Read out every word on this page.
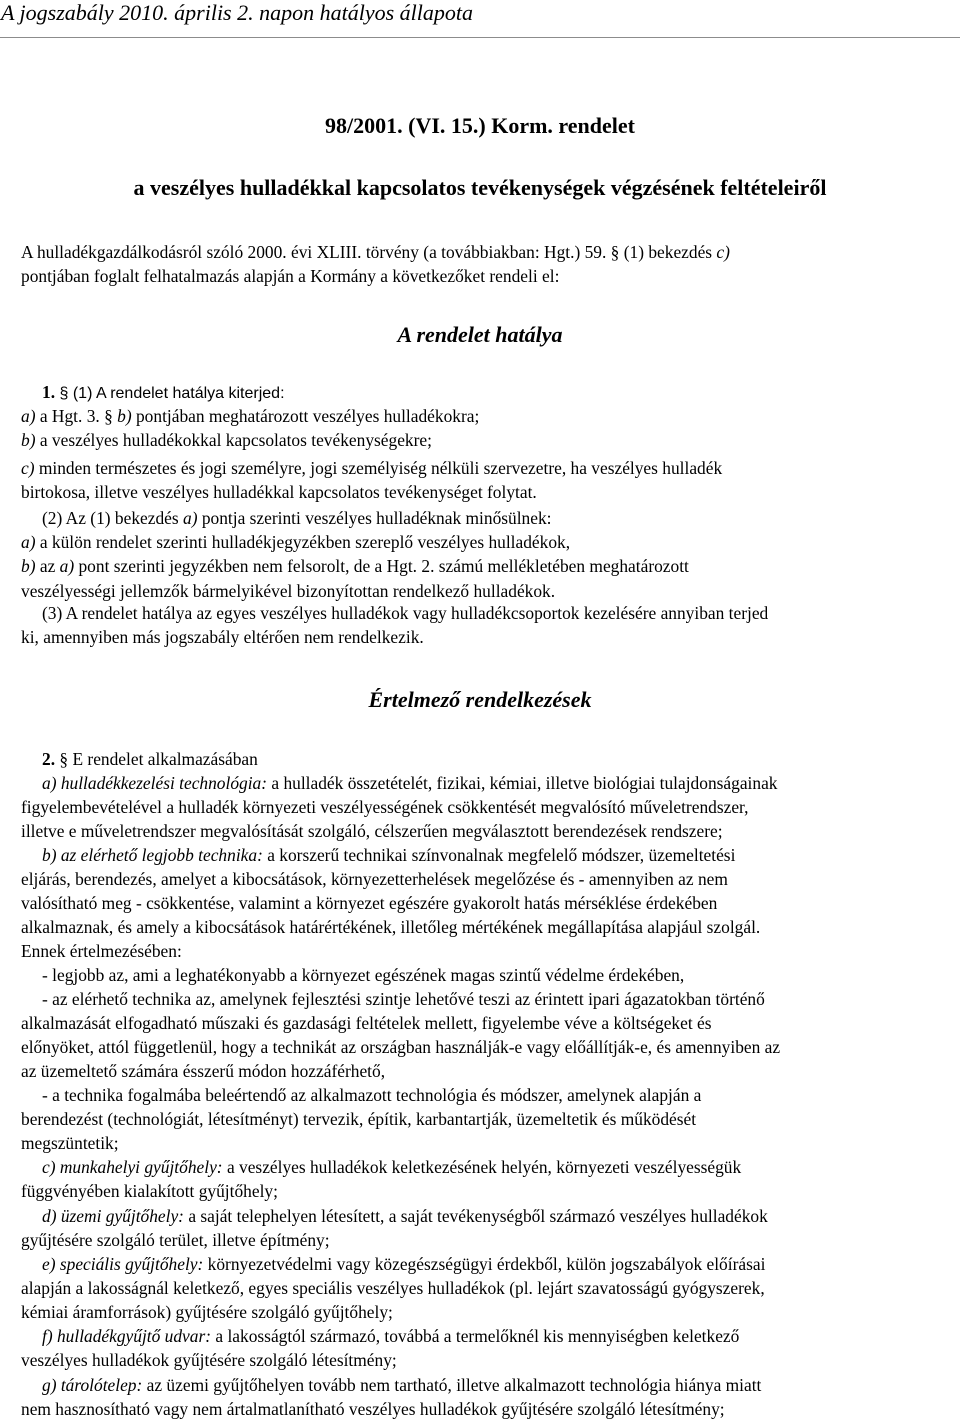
A jogszabály 2010. április 2. napon hatályos állapota
98/2001. (VI. 15.) Korm. rendelet
a veszélyes hulladékkal kapcsolatos tevékenységek végzésének feltételeiről
A hulladékgazdálkodásról szóló 2000. évi XLIII. törvény (a továbbiakban: Hgt.) 59. § (1) bekezdés c)
pontjában foglalt felhatalmazás alapján a Kormány a következőket rendeli el:
A rendelet hatálya
1. § (1) A rendelet hatálya kiterjed:
a) a Hgt. 3. § b) pontjában meghatározott veszélyes hulladékokra;
b) a veszélyes hulladékokkal kapcsolatos tevékenységekre;
c) minden természetes és jogi személyre, jogi személyiség nélküli szervezetre, ha veszélyes hulladék
birtokosa, illetve veszélyes hulladékkal kapcsolatos tevékenységet folytat.
(2) Az (1) bekezdés a) pontja szerinti veszélyes hulladéknak minősülnek:
a) a külön rendelet szerinti hulladékjegyzékben szereplő veszélyes hulladékok,
b) az a) pont szerinti jegyzékben nem felsorolt, de a Hgt. 2. számú mellékletében meghatározott
veszélyességi jellemzők bármelyikével bizonyítottan rendelkező hulladékok.
(3) A rendelet hatálya az egyes veszélyes hulladékok vagy hulladékcsoportok kezelésére annyiban terjed
ki, amennyiben más jogszabály eltérően nem rendelkezik.
Értelmező rendelkezések
2. § E rendelet alkalmazásában
a) hulladékkezelési technológia: a hulladék összetételét, fizikai, kémiai, illetve biológiai tulajdonságainak
figyelembevételével a hulladék környezeti veszélyességének csökkentését megvalósító műveletrendszer,
illetve e műveletrendszer megvalósítását szolgáló, célszerűen megválasztott berendezések rendszere;
b) az elérhető legjobb technika: a korszerű technikai színvonalnak megfelelő módszer, üzemeltetési
eljárás, berendezés, amelyet a kibocsátások, környezetterhelések megelőzése és - amennyiben az nem
valósítható meg - csökkentése, valamint a környezet egészére gyakorolt hatás mérséklése érdekében
alkalmaznak, és amely a kibocsátások határértékének, illetőleg mértékének megállapítása alapjául szolgál.
Ennek értelmezésében:
- legjobb az, ami a leghatékonyabb a környezet egészének magas szintű védelme érdekében,
- az elérhető technika az, amelynek fejlesztési szintje lehetővé teszi az érintett ipari ágazatokban történő
alkalmazását elfogadható műszaki és gazdasági feltételek mellett, figyelembe véve a költségeket és
előnyöket, attól függetlenül, hogy a technikát az országban használják-e vagy előállítják-e, és amennyiben az
az üzemeltető számára ésszerű módon hozzáférhető,
- a technika fogalmába beleértendő az alkalmazott technológia és módszer, amelynek alapján a
berendezést (technológiát, létesítményt) tervezik, építik, karbantartják, üzemeltetik és működését
megszüntetik;
c) munkahelyi gyűjtőhely: a veszélyes hulladékok keletkezésének helyén, környezeti veszélyességük
függvényében kialakított gyűjtőhely;
d) üzemi gyűjtőhely: a saját telephelyen létesített, a saját tevékenységből származó veszélyes hulladékok
gyűjtésére szolgáló terület, illetve építmény;
e) speciális gyűjtőhely: környezetvédelmi vagy közegészségügyi érdekből, külön jogszabályok előírásai
alapján a lakosságnál keletkező, egyes speciális veszélyes hulladékok (pl. lejárt szavatosságú gyógyszerek,
kémiai áramforrások) gyűjtésére szolgáló gyűjtőhely;
f) hulladékgyűjtő udvar: a lakosságtól származó, továbbá a termelőknél kis mennyiségben keletkező
veszélyes hulladékok gyűjtésére szolgáló létesítmény;
g) tárolótelep: az üzemi gyűjtőhelyen tovább nem tartható, illetve alkalmazott technológia hiánya miatt
nem hasznosítható vagy nem ártalmatlanítható veszélyes hulladékok gyűjtésére szolgáló létesítmény;
